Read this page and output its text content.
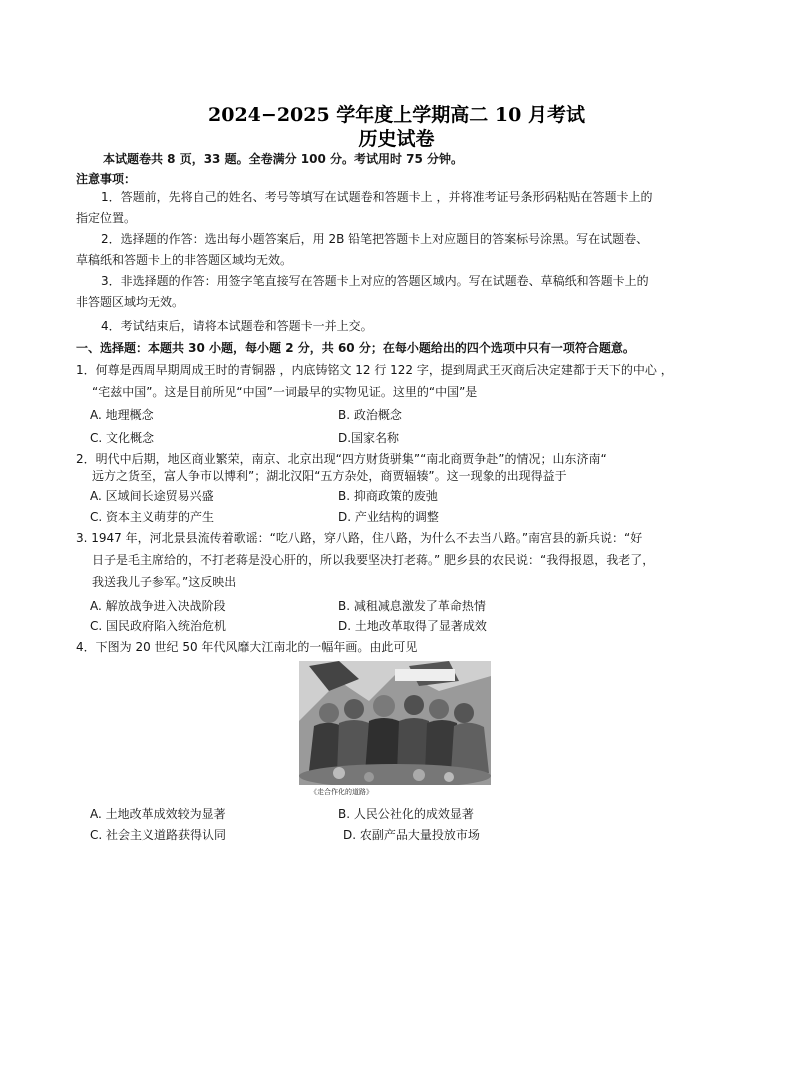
2024−2025 学年度上学期高二 10 月考试
历史试卷
本试题卷共 8 页，33 题。全卷满分 100 分。考试用时 75 分钟。
注意事项：
1．答题前，先将自己的姓名、考号等填写在试题卷和答题卡上 ，并将准考证号条形码粘贴在答题卡上的
指定位置。
2．选择题的作答：选出每小题答案后，用 2B 铅笔把答题卡上对应题目的答案标号涂黑。写在试题卷、
草稿纸和答题卡上的非答题区域均无效。
3．非选择题的作答：用签字笔直接写在答题卡上对应的答题区域内。写在试题卷、草稿纸和答题卡上的
非答题区域均无效。
4．考试结束后，请将本试题卷和答题卡一并上交。
一、选择题：本题共 30 小题，每小题 2 分，共 60 分；在每小题给出的四个选项中只有一项符合题意。
1．何尊是西周早期周成王时的青铜器 ，内底铸铭文 12 行 122 字，提到周武王灭商后决定建都于天下的中心 ，
“宅兹中国”。这是目前所见“中国”一词最早的实物见证。这里的“中国”是
A. 地理概念	B. 政治概念
C. 文化概念	D.国家名称
2．明代中后期，地区商业繁荣，南京、北京出现“四方财货骈集”“南北商贾争赴”的情况；山东济南“
远方之货至，富人争市以博利”；湖北汉阳“五方杂处，商贾辐辏”。这一现象的出现得益于
A. 区域间长途贸易兴盛	B. 抑商政策的废弛
C. 资本主义萌芽的产生	D. 产业结构的调整
3. 1947 年，河北景县流传着歌谣：“吃八路，穿八路，住八路，为什么不去当八路。”南宫县的新兵说：“好
日子是毛主席给的，不打老蒋是没心肝的，所以我要坚决打老蒋。” 肥乡县的农民说：“我得报恩，我老了，
我送我儿子参军。”这反映出
A. 解放战争进入决战阶段	B. 减租减息激发了革命热情
C. 国民政府陷入统治危机	D. 土地改革取得了显著成效
4．下图为 20 世纪 50 年代风靡大江南北的一幅年画。由此可见
《走合作化的道路》
A. 土地改革成效较为显著	B. 人民公社化的成效显著
C. 社会主义道路获得认同	D. 农副产品大量投放市场
